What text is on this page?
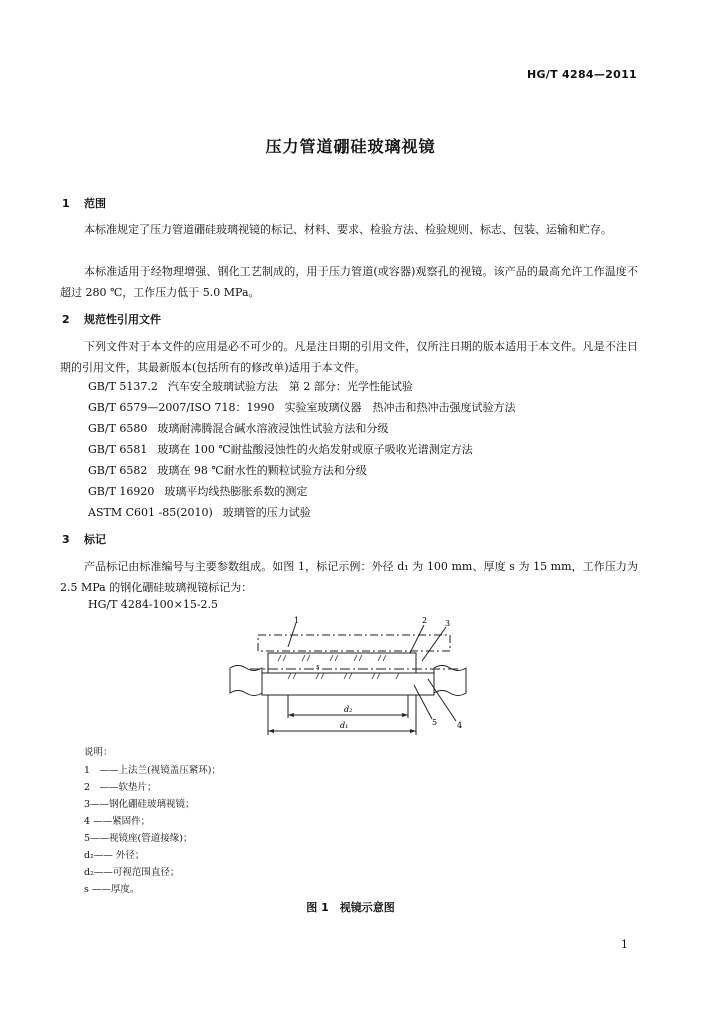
HG/T 4284—2011
压力管道硼硅玻璃视镜
1 范围
本标准规定了压力管道硼硅玻璃视镜的标记、材料、要求、检验方法、检验规则、标志、包装、运输和贮存。
本标准适用于经物理增强、钢化工艺制成的，用于压力管道(或容器)观察孔的视镜。该产品的最高允许工作温度不超过 280 ℃，工作压力低于 5.0 MPa。
2 规范性引用文件
下列文件对于本文件的应用是必不可少的。凡是注日期的引用文件，仅所注日期的版本适用于本文件。凡是不注日期的引用文件，其最新版本(包括所有的修改单)适用于本文件。
GB/T 5137.2 汽车安全玻璃试验方法　第 2 部分：光学性能试验
GB/T 6579—2007/ISO 718：1990 实验室玻璃仪器　热冲击和热冲击强度试验方法
GB/T 6580 玻璃耐沸腾混合碱水溶液浸蚀性试验方法和分级
GB/T 6581 玻璃在 100 ℃耐盐酸浸蚀性的火焰发射或原子吸收光谱测定方法
GB/T 6582 玻璃在 98 ℃耐水性的颗粒试验方法和分级
GB/T 16920 玻璃平均线热膨胀系数的测定
ASTM C601 -85(2010) 玻璃管的压力试验
3 标记
产品标记由标准编号与主要参数组成。如图 1，标记示例：外径 d₁ 为 100 mm、厚度 s 为 15 mm，工作压力为 2.5 MPa 的钢化硼硅玻璃视镜标记为：
HG/T 4284-100×15-2.5
1	2 3
4
5
d₂
d₁
s
说明：
1　——上法兰(视镜盖压紧环)；
2　——软垫片；
3——钢化硼硅玻璃视镜；
4 ——紧固件；
5——视镜座(管道接缘)；
d₁—— 外径；
d₂——可视范围直径；
s ——厚度。
图 1　视镜示意图
1
